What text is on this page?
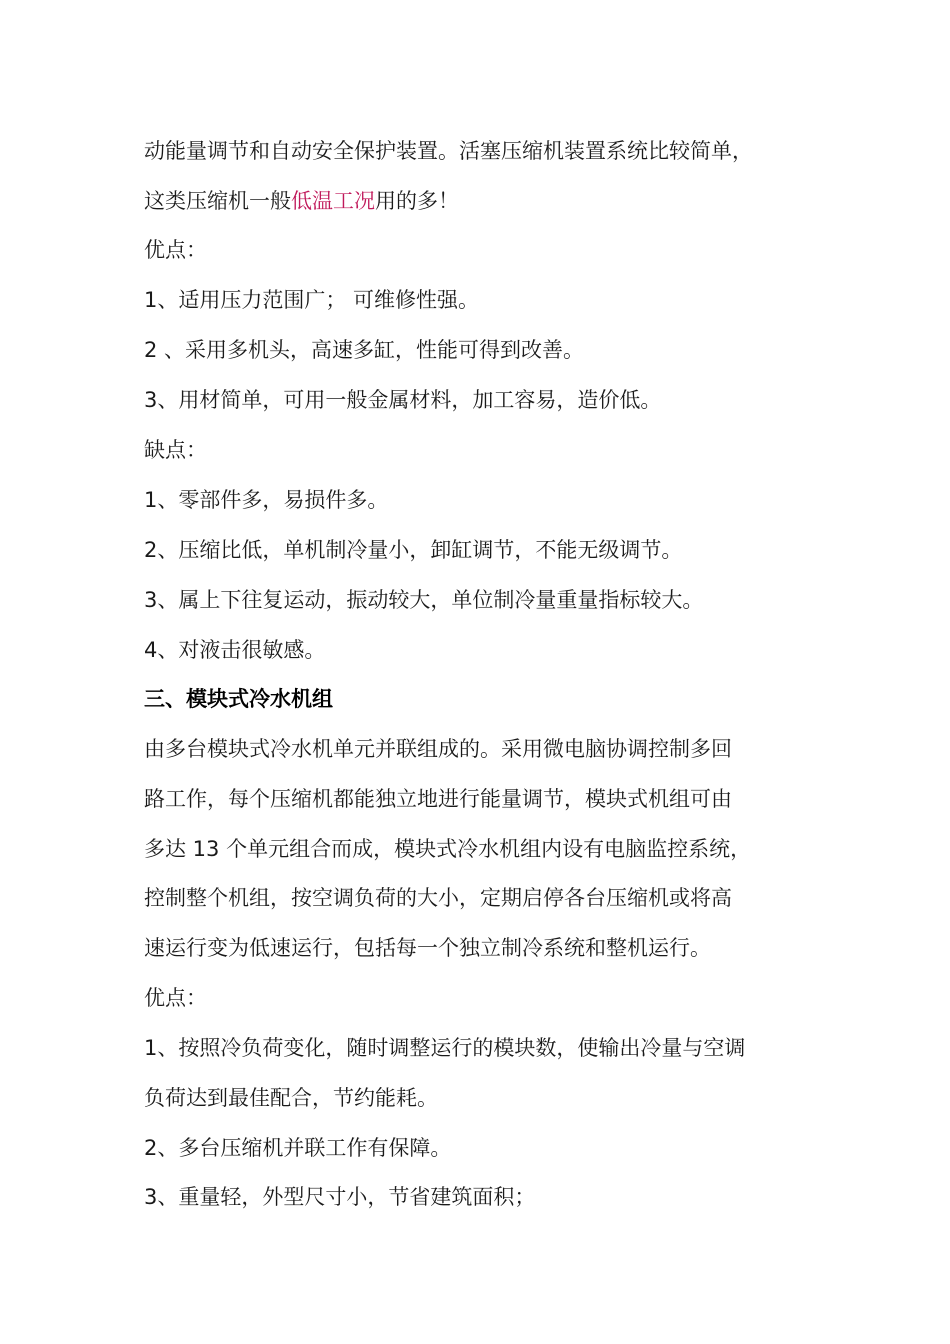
动能量调节和自动安全保护装置。活塞压缩机装置系统比较简单，
这类压缩机一般低温工况用的多！
优点：
1、适用压力范围广； 可维修性强。
2 、采用多机头，高速多缸，性能可得到改善。
3、用材简单，可用一般金属材料，加工容易，造价低。
缺点：
1、零部件多，易损件多。
2、压缩比低，单机制冷量小，卸缸调节，不能无级调节。
3、属上下往复运动，振动较大，单位制冷量重量指标较大。
4、对液击很敏感。
三、模块式冷水机组
由多台模块式冷水机单元并联组成的。采用微电脑协调控制多回
路工作，每个压缩机都能独立地进行能量调节，模块式机组可由
多达 13 个单元组合而成，模块式冷水机组内设有电脑监控系统，
控制整个机组，按空调负荷的大小，定期启停各台压缩机或将高
速运行变为低速运行，包括每一个独立制冷系统和整机运行。
优点：
1、按照冷负荷变化，随时调整运行的模块数，使输出冷量与空调
负荷达到最佳配合，节约能耗。
2、多台压缩机并联工作有保障。
3、重量轻，外型尺寸小，节省建筑面积；
